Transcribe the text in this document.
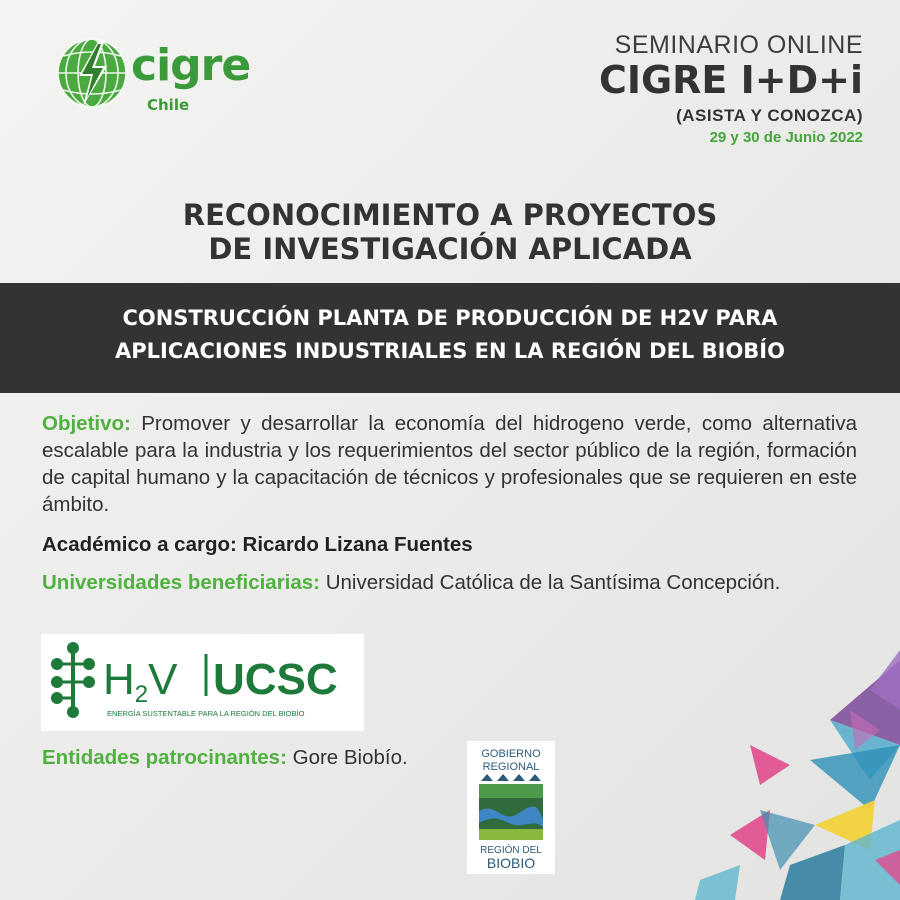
cigre
Chile
SEMINARIO ONLINE
CIGRE I+D+i
(ASISTA Y CONOZCA)
29 y 30 de Junio 2022
RECONOCIMIENTO A PROYECTOS
DE INVESTIGACIÓN APLICADA
CONSTRUCCIÓN PLANTA DE PRODUCCIÓN DE H2V PARA
APLICACIONES INDUSTRIALES EN LA REGIÓN DEL BIOBÍO
Objetivo: Promover y desarrollar la economía del hidrogeno verde, como alternativa escalable para la industria y los requerimientos del sector público de la región, formación de capital humano y la capacitación de técnicos y profesionales que se requieren en este ámbito.
Académico a cargo: Ricardo Lizana Fuentes
Universidades beneficiarias: Universidad Católica de la Santísima Concepción.
H2V UCSC
ENERGÍA SUSTENTABLE PARA LA REGIÓN DEL BIOBÍO
Entidades patrocinantes: Gore Biobío.	GOBIERNO
REGIONAL
REGIÓN DEL
BIOBIO
